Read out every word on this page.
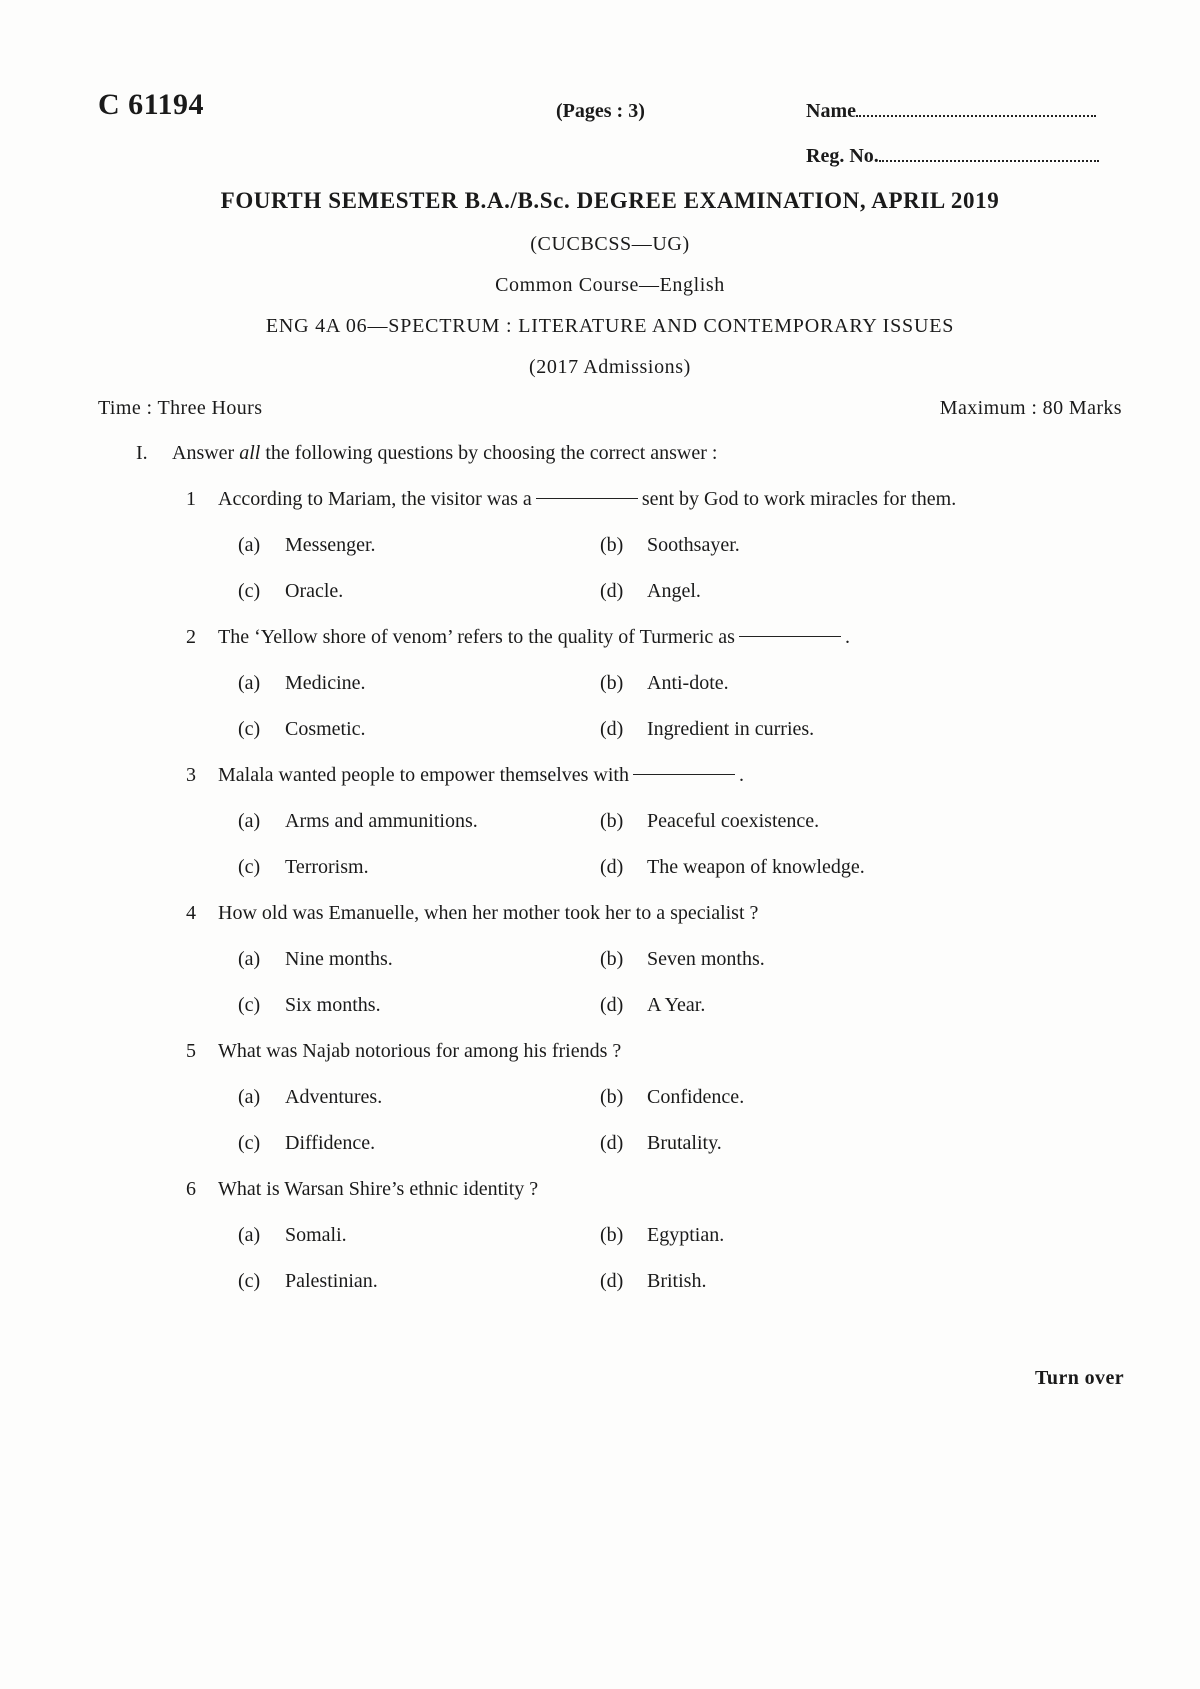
C 61194	(Pages : 3)	Name
Reg. No.
FOURTH SEMESTER B.A./B.Sc. DEGREE EXAMINATION, APRIL 2019
(CUCBCSS—UG)
Common Course—English
ENG 4A 06—SPECTRUM : LITERATURE AND CONTEMPORARY ISSUES
(2017 Admissions)
Time : Three Hours	Maximum : 80 Marks
I. Answer all the following questions by choosing the correct answer :
1 According to Mariam, the visitor was a	sent by God to work miracles for them.
(a) Messenger.	(b) Soothsayer.
(c) Oracle.	(d) Angel.
2 The ‘Yellow shore of venom’ refers to the quality of Turmeric as	.
(a) Medicine.	(b) Anti-dote.
(c) Cosmetic.	(d) Ingredient in curries.
3 Malala wanted people to empower themselves with	.
(a) Arms and ammunitions.	(b) Peaceful coexistence.
(c) Terrorism.	(d) The weapon of knowledge.
4 How old was Emanuelle, when her mother took her to a specialist ?
(a) Nine months.	(b) Seven months.
(c) Six months.	(d) A Year.
5 What was Najab notorious for among his friends ?
(a) Adventures.	(b) Confidence.
(c) Diffidence.	(d) Brutality.
6 What is Warsan Shire’s ethnic identity ?
(a) Somali.	(b) Egyptian.
(c) Palestinian.	(d) British.
Turn over
